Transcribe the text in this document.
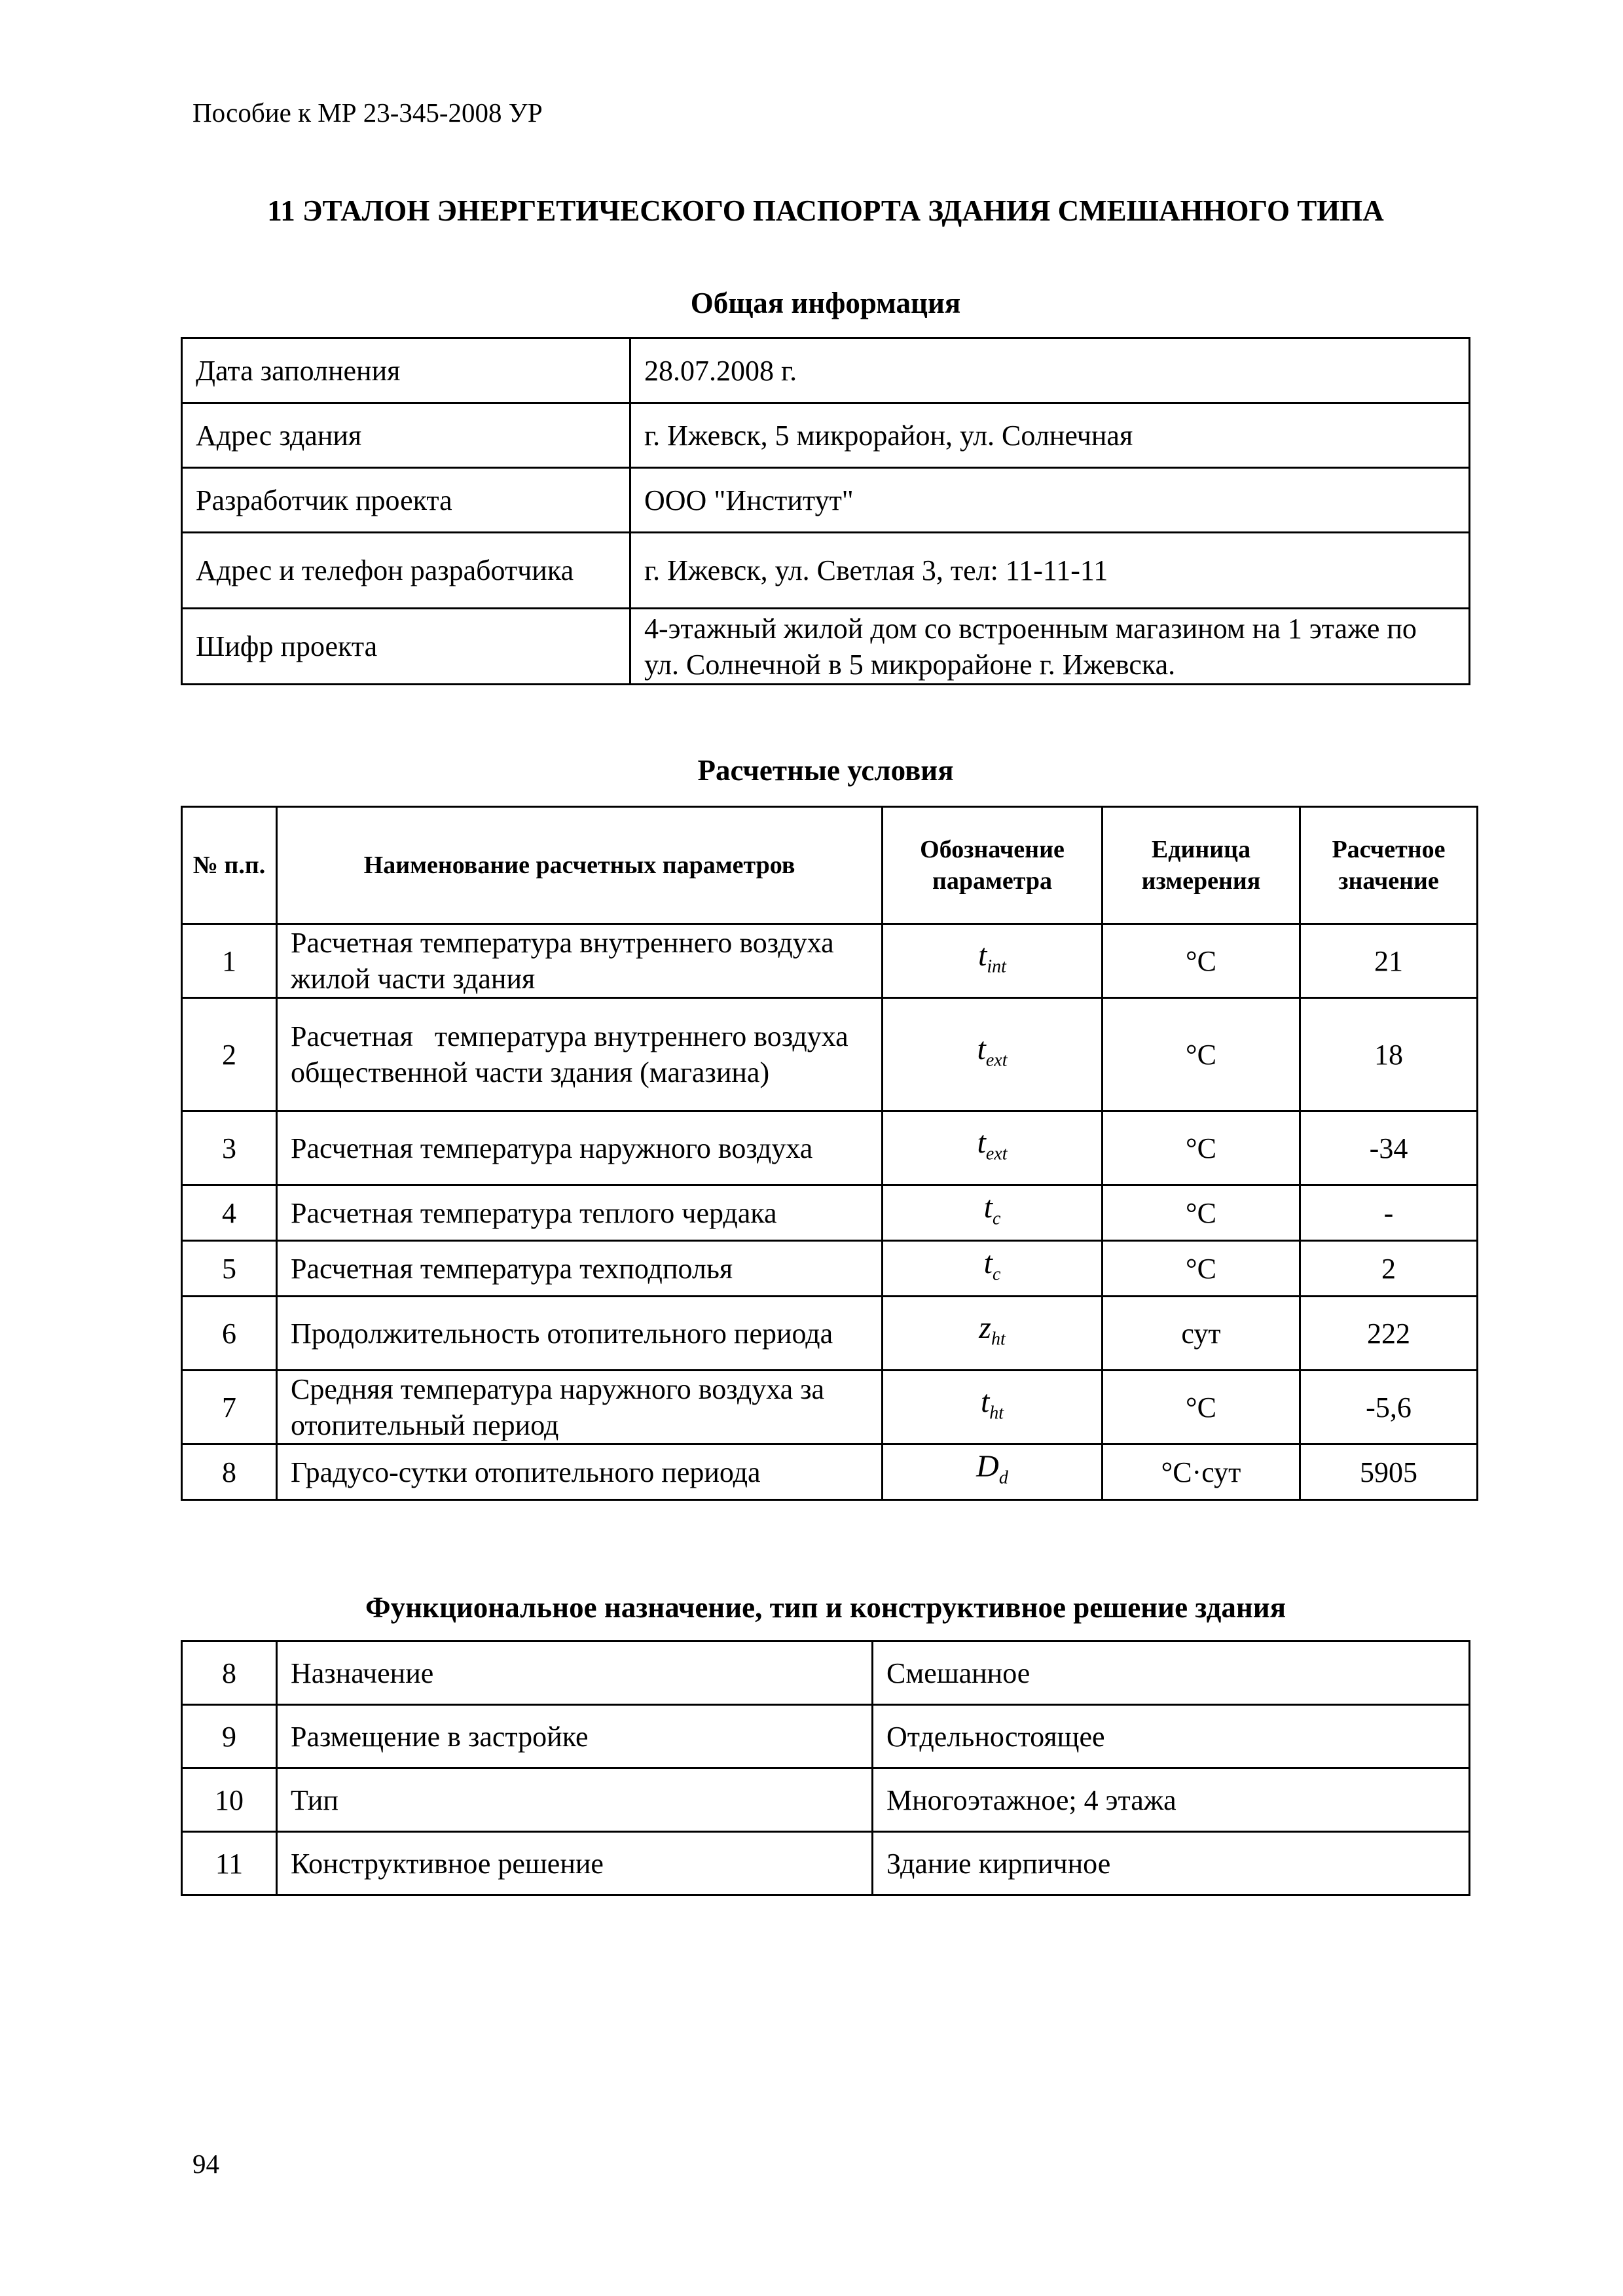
Пособие к МР 23-345-2008 УР
11 ЭТАЛОН ЭНЕРГЕТИЧЕСКОГО ПАСПОРТА ЗДАНИЯ СМЕШАННОГО ТИПА
Общая информация
Дата заполнения	28.07.2008 г.
Адрес здания	г. Ижевск, 5 микрорайон, ул. Солнечная
Разработчик проекта	ООО "Институт"
Адрес и телефон разработчика	г. Ижевск, ул. Светлая 3, тел: 11-11-11
Шифр проекта	4-этажный жилой дом со встроенным магазином на 1 этаже по ул. Солнечной в 5 микрорайоне г. Ижевска.
Расчетные условия
№ п.п.	Наименование расчетных параметров	Обозначение параметра	Единица измерения	Расчетное значение
1	Расчетная температура внутреннего воздуха жилой части здания	$t_{int}$	°С	21
2	Расчетная   температура внутреннего воздуха общественной части здания (магазина)	$t_{ext}$	°С	18
3	Расчетная температура наружного воздуха	$t_{ext}$	°С	-34
4	Расчетная температура теплого чердака	$t_c$	°С	-
5	Расчетная температура техподполья	$t_c$	°С	2
6	Продолжительность отопительного периода	$z_{ht}$	сут	222
7	Средняя температура наружного воздуха за отопительный период	$t_{ht}$	°С	-5,6
8	Градусо-сутки отопительного периода	$D_d$	°С·сут	5905
Функциональное назначение, тип и конструктивное решение здания
8	Назначение	Смешанное
9	Размещение в застройке	Отдельностоящее
10	Тип	Многоэтажное; 4 этажа
11	Конструктивное решение	Здание кирпичное
94
